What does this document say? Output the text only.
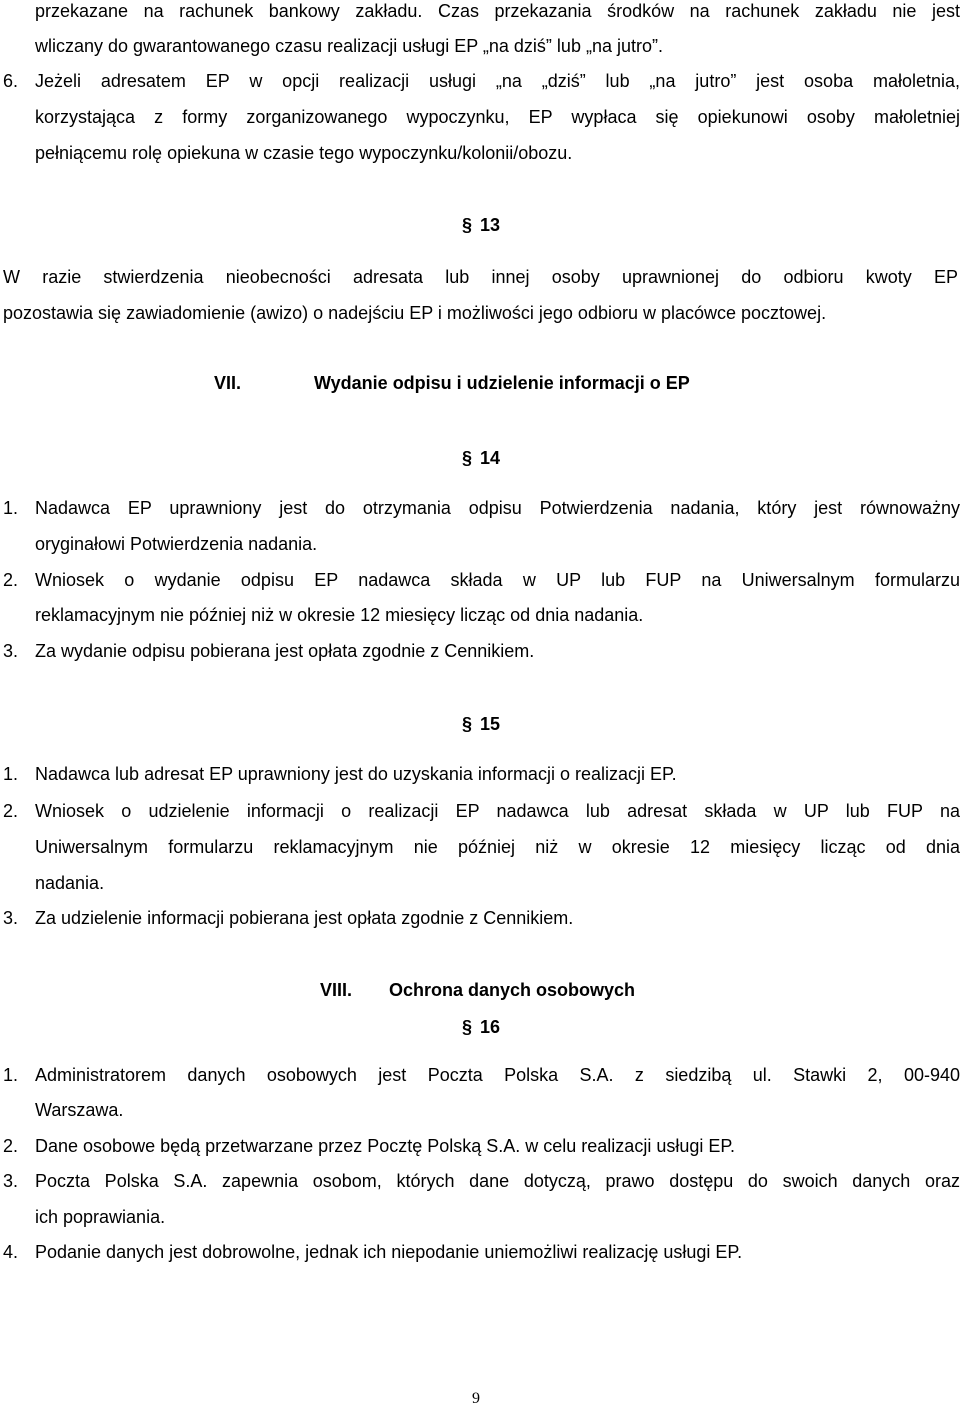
przekazane na rachunek bankowy zakładu. Czas przekazania środków na rachunek zakładu nie jest
wliczany do gwarantowanego czasu realizacji usługi EP „na dziś” lub „na jutro”.
6. Jeżeli adresatem EP w opcji realizacji usługi „na „dziś” lub „na jutro” jest osoba małoletnia,
korzystająca z formy zorganizowanego wypoczynku, EP wypłaca się opiekunowi osoby małoletniej
pełniącemu rolę opiekuna w czasie tego wypoczynku/kolonii/obozu.
§ 13
W razie stwierdzenia nieobecności adresata lub innej osoby uprawnionej do odbioru kwoty EP
pozostawia się zawiadomienie (awizo) o nadejściu EP i możliwości jego odbioru w placówce pocztowej.
VII.	Wydanie odpisu i udzielenie informacji o EP
§ 14
1. Nadawca EP uprawniony jest do otrzymania odpisu Potwierdzenia nadania, który jest równoważny
oryginałowi Potwierdzenia nadania.
2. Wniosek o wydanie odpisu EP nadawca składa w UP lub FUP na Uniwersalnym formularzu
reklamacyjnym nie później niż w okresie 12 miesięcy licząc od dnia nadania.
3. Za wydanie odpisu pobierana jest opłata zgodnie z Cennikiem.
§ 15
1. Nadawca lub adresat EP uprawniony jest do uzyskania informacji o realizacji EP.
2. Wniosek o udzielenie informacji o realizacji EP nadawca lub adresat składa w UP lub FUP na
Uniwersalnym formularzu reklamacyjnym nie później niż w okresie 12 miesięcy licząc od dnia
nadania.
3. Za udzielenie informacji pobierana jest opłata zgodnie z Cennikiem.
VIII. Ochrona danych osobowych
§ 16
1. Administratorem danych osobowych jest Poczta Polska S.A. z siedzibą ul. Stawki 2, 00-940
Warszawa.
2. Dane osobowe będą przetwarzane przez Pocztę Polską S.A. w celu realizacji usługi EP.
3. Poczta Polska S.A. zapewnia osobom, których dane dotyczą, prawo dostępu do swoich danych oraz
ich poprawiania.
4. Podanie danych jest dobrowolne, jednak ich niepodanie uniemożliwi realizację usługi EP.
9
